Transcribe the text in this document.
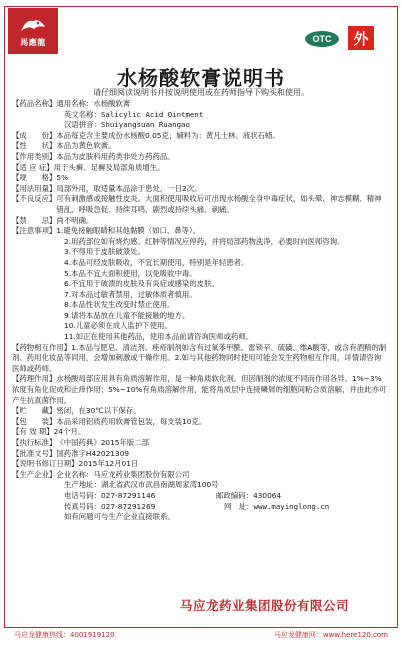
馬應龍	OTC	外
水杨酸软膏说明书
请仔细阅读说明书并按说明使用或在药师指导下购买和使用。
【药品名称】 通用名称：水杨酸软膏
英文名称：Salicylic Acid Ointment
汉语拼音：Shuiyangsuan Ruangao
【成　　份】 本品每克含主要成份水杨酸0.05克；辅料为：黄凡士林、液状石蜡。
【性　　状】 本品为黄色软膏。
【作用类别】 本品为皮肤科用药类非处方药药品。
【适 应 症】 用于头癣、足癣及局部角质增生。
【规　　格】 5%
【用法用量】 局部外用，取适量本品涂于患处，一日2次。
【不良反应】 可有刺激感或接触性皮炎。大面积使用吸收后可出现水杨酸全身中毒症状，如头晕、神志模糊、精神错乱、呼吸急促、持续耳鸣、剧烈或持续头痛、刺痛。
【禁　　忌】 尚不明确。
【注意事项】 1.避免接触眼睛和其他黏膜（如口、鼻等）。
2.用药部位如有烧灼感、红肿等情况应停药，并将局部药物洗净，必要时向医师咨询。
3.不得用于皮肤破溃处。
4.本品可经皮肤吸收，不宜长期使用，特别是年轻患者。
5.本品不宜大面积使用，以免吸收中毒。
6.不宜用于破溃的皮肤及有炎症或感染的皮肤。
7.对本品过敏者禁用，过敏体质者慎用。
8.本品性状发生改变时禁止使用。
9.请将本品放在儿童不能接触的地方。
10.儿童必须在成人监护下使用。
11.如正在使用其他药品，使用本品前请咨询医师或药师。
【药物相互作用】1.本品与肥皂、清洁剂、痤疮制剂如含有过氧苯甲酰、雷锁辛、硫磺、维A酸等，或含有酒精的制剂、药用化妆品等同用，会增加刺激或干燥作用。2.如与其他药物同时使用可能会发生药物相互作用，详情请咨询医师或药师。
【药理作用】水杨酸局部应用具有角质溶解作用，是一种角质软化剂。但因制剂的浓度不同而作用各异。1%~3%浓度有角化促成和止痒作用；5%~10%有角质溶解作用，能将角质层中连接鳞屑的细胞间粘合质溶解，并由此亦可产生抗真菌作用。
【贮　　藏】 密闭，在30℃以下保存。
【包　　装】 本品采用铝质药用软膏管包装，每支装10克。
【有 效 期】 24个月。
【执行标准】 《中国药典》2015年版二部
【批准文号】 国药准字H42021309
【说明书修订日期】 2015年12月01日
【生产企业】 企业名称：马应龙药业集团股份有限公司
生产地址：湖北省武汉市武昌南湖周家湾100号
电话号码：027-87291146	邮政编码：430064
传真号码：027-87291269	网　址：www.mayinglong.cn
如有问题可与生产企业直接联系。
马应龙药业集团股份有限公司
马应龙健康热线：4001919120	马应龙健康网：www.here120.com
